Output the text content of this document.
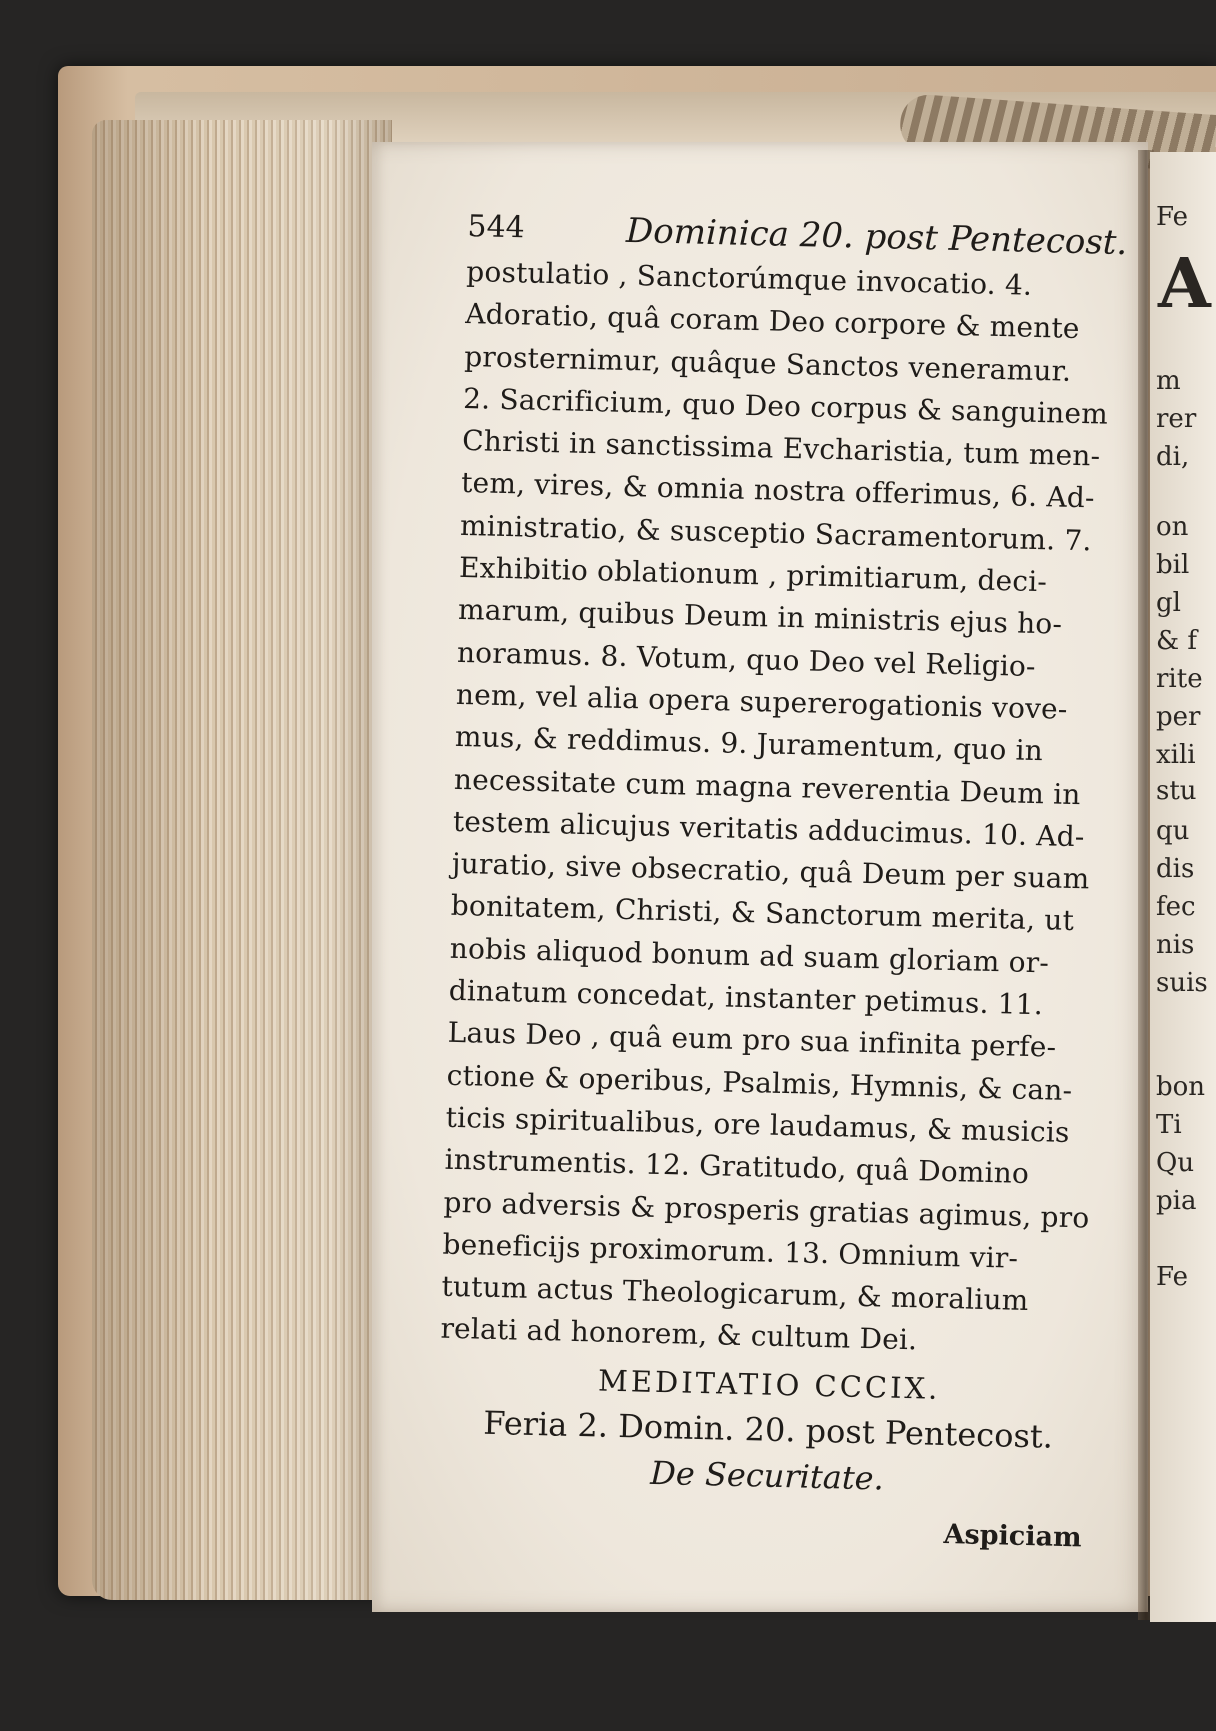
Fe
A
m
rer
di,
on
bil
gl
& f
rite
per
xili
stu
qu
dis
fec
nis
suis
bon
Ti
Qu
pia
Fe
544	Dominica 20. post Pentecost.
postulatio , Sanctorúmque invocatio. 4.
Adoratio, quâ coram Deo corpore & mente
prosternimur, quâque Sanctos veneramur.
2. Sacrificium, quo Deo corpus & sanguinem
Christi in sanctissima Evcharistia, tum men-
tem, vires, & omnia nostra offerimus, 6. Ad-
ministratio, & susceptio Sacramentorum. 7.
Exhibitio oblationum , primitiarum, deci-
marum, quibus Deum in ministris ejus ho-
noramus. 8. Votum, quo Deo vel Religio-
nem, vel alia opera supererogationis vove-
mus, & reddimus. 9. Juramentum, quo in
necessitate cum magna reverentia Deum in
testem alicujus veritatis adducimus. 10. Ad-
juratio, sive obsecratio, quâ Deum per suam
bonitatem, Christi, & Sanctorum merita, ut
nobis aliquod bonum ad suam gloriam or-
dinatum concedat, instanter petimus. 11.
Laus Deo , quâ eum pro sua infinita perfe-
ctione & operibus, Psalmis, Hymnis, & can-
ticis spiritualibus, ore laudamus, & musicis
instrumentis. 12. Gratitudo, quâ Domino
pro adversis & prosperis gratias agimus, pro
beneficijs proximorum. 13. Omnium vir-
tutum actus Theologicarum, & moralium
relati ad honorem, & cultum Dei.
MEDITATIO CCCIX.
Feria 2. Domin. 20. post Pentecost.
De Securitate.
Aspiciam
